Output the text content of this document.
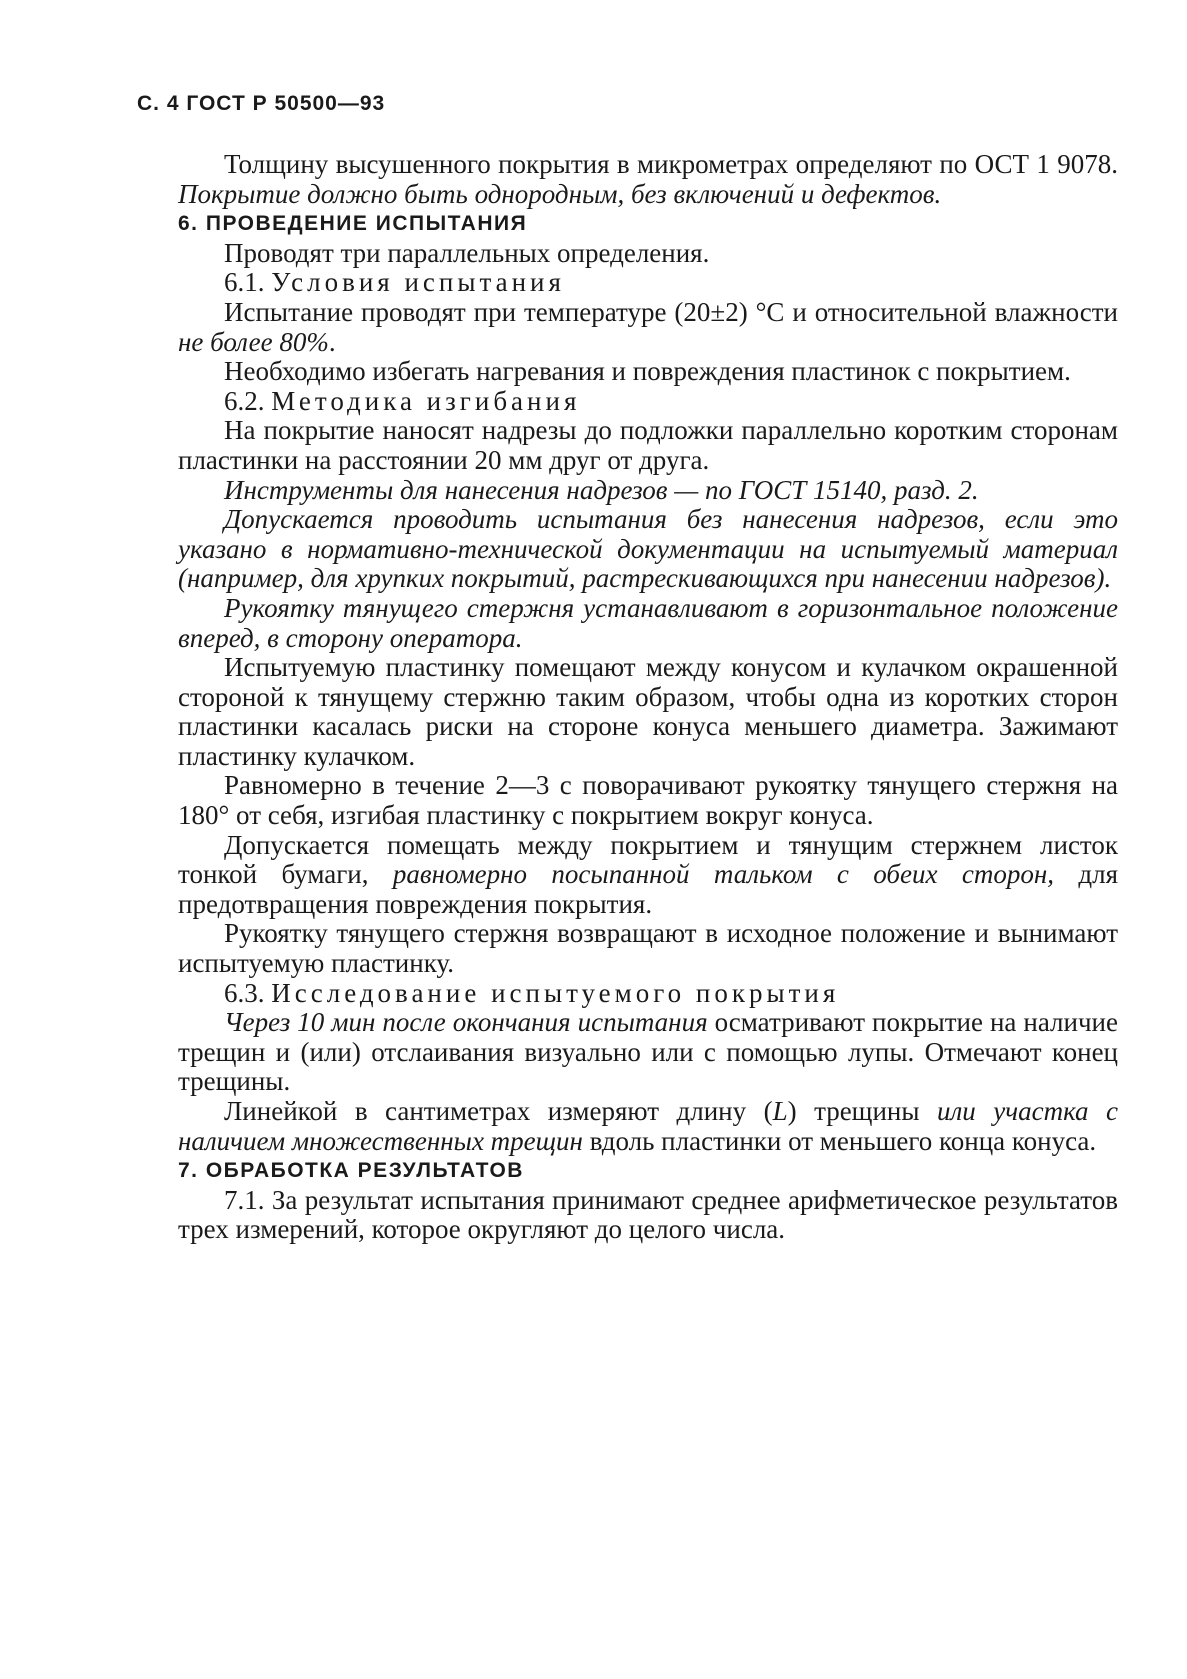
С. 4 ГОСТ Р 50500—93

Толщину высушенного покрытия в микрометрах определяют по ОСТ 1 9078. Покрытие должно быть однородным, без включений и дефектов.

6. ПРОВЕДЕНИЕ ИСПЫТАНИЯ

Проводят три параллельных определения.

6.1. Условия испытания

Испытание проводят при температуре (20±2) °С и относительной влажности не более 80%.

Необходимо избегать нагревания и повреждения пластинок с покрытием.

6.2. Методика изгибания

На покрытие наносят надрезы до подложки параллельно коротким сторонам пластинки на расстоянии 20 мм друг от друга.

Инструменты для нанесения надрезов — по ГОСТ 15140, разд. 2.

Допускается проводить испытания без нанесения надрезов, если это указано в нормативно-технической документации на испытуемый материал (например, для хрупких покрытий, растрескивающихся при нанесении надрезов).

Рукоятку тянущего стержня устанавливают в горизонтальное положение вперед, в сторону оператора.

Испытуемую пластинку помещают между конусом и кулачком окрашенной стороной к тянущему стержню таким образом, чтобы одна из коротких сторон пластинки касалась риски на стороне конуса меньшего диаметра. Зажимают пластинку кулачком.

Равномерно в течение 2—3 с поворачивают рукоятку тянущего стержня на 180° от себя, изгибая пластинку с покрытием вокруг конуса.

Допускается помещать между покрытием и тянущим стержнем листок тонкой бумаги, равномерно посыпанной тальком с обеих сторон, для предотвращения повреждения покрытия.

Рукоятку тянущего стержня возвращают в исходное положение и вынимают испытуемую пластинку.

6.3. Исследование испытуемого покрытия

Через 10 мин после окончания испытания осматривают покрытие на наличие трещин и (или) отслаивания визуально или с помощью лупы. Отмечают конец трещины.

Линейкой в сантиметрах измеряют длину (L) трещины или участка с наличием множественных трещин вдоль пластинки от меньшего конца конуса.

7. ОБРАБОТКА РЕЗУЛЬТАТОВ

7.1. За результат испытания принимают среднее арифметическое результатов трех измерений, которое округляют до целого числа.
